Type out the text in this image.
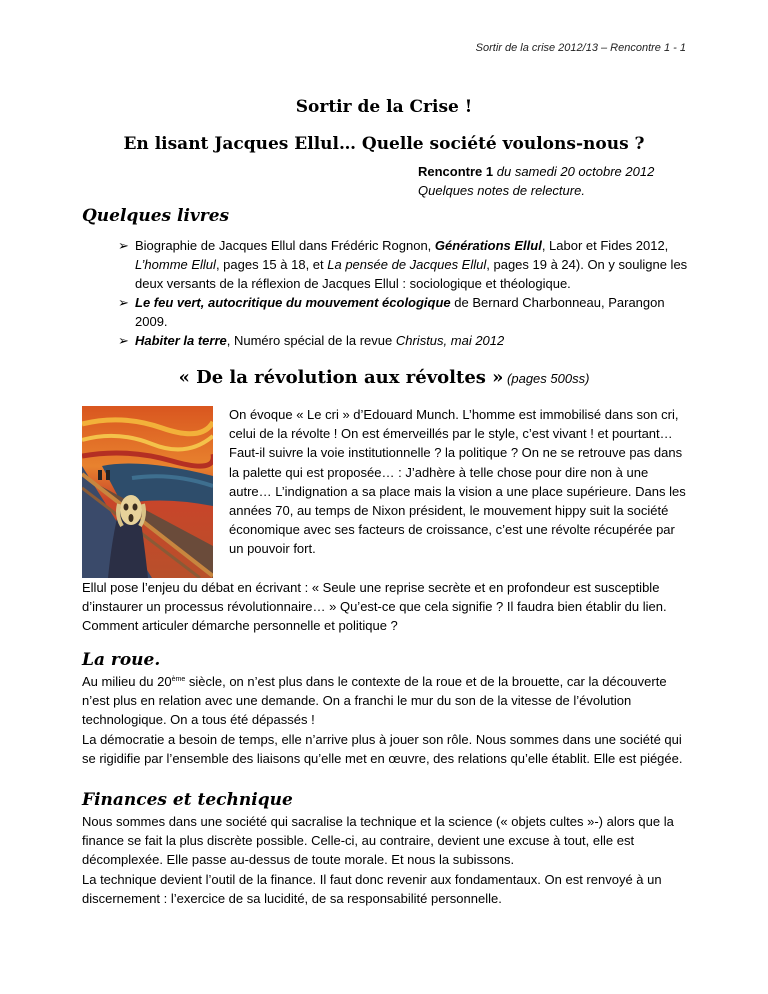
Sortir de la crise 2012/13 – Rencontre 1 - 1
Sortir de la Crise !
En lisant Jacques Ellul… Quelle société voulons-nous ?
Rencontre 1 du samedi 20 octobre 2012
Quelques notes de relecture.
Quelques livres
➢ Biographie de Jacques Ellul dans Frédéric Rognon, Générations Ellul, Labor et Fides 2012, L’homme Ellul, pages 15 à 18, et La pensée de Jacques Ellul, pages 19 à 24). On y souligne les deux versants de la réflexion de Jacques Ellul : sociologique et théologique.
➢ Le feu vert, autocritique du mouvement écologique de Bernard Charbonneau, Parangon 2009.
➢ Habiter la terre, Numéro spécial de la revue Christus, mai 2012
« De la révolution aux révoltes » (pages 500ss)
On évoque « Le cri » d’Edouard Munch. L’homme est immobilisé dans son cri, celui de la révolte ! On est émerveillés par le style, c’est vivant ! et pourtant… Faut-il suivre la voie institutionnelle ? la politique ? On ne se retrouve pas dans la palette qui est proposée… : J’adhère à telle chose pour dire non à une autre… L’indignation a sa place mais la vision a une place supérieure. Dans les années 70, au temps de Nixon président, le mouvement hippy suit la société économique avec ses facteurs de croissance, c’est une révolte récupérée par un pouvoir fort.
Ellul pose l’enjeu du débat en écrivant : « Seule une reprise secrète et en profondeur est susceptible d’instaurer un processus révolutionnaire… » Qu’est-ce que cela signifie ? Il faudra bien établir du lien. Comment articuler démarche personnelle et politique ?
La roue.
Au milieu du 20ème siècle, on n’est plus dans le contexte de la roue et de la brouette, car la découverte n’est plus en relation avec une demande. On a franchi le mur du son de la vitesse de l’évolution technologique. On a tous été dépassés !
La démocratie a besoin de temps, elle n’arrive plus à jouer son rôle. Nous sommes dans une société qui se rigidifie par l’ensemble des liaisons qu’elle met en œuvre, des relations qu’elle établit. Elle est piégée.
Finances et technique
Nous sommes dans une société qui sacralise la technique et la science (« objets cultes »-) alors que la finance se fait la plus discrète possible. Celle-ci, au contraire, devient une excuse à tout, elle est décomplexée. Elle passe au-dessus de toute morale. Et nous la subissons.
La technique devient l’outil de la finance. Il faut donc revenir aux fondamentaux. On est renvoyé à un discernement : l’exercice de sa lucidité, de sa responsabilité personnelle.
